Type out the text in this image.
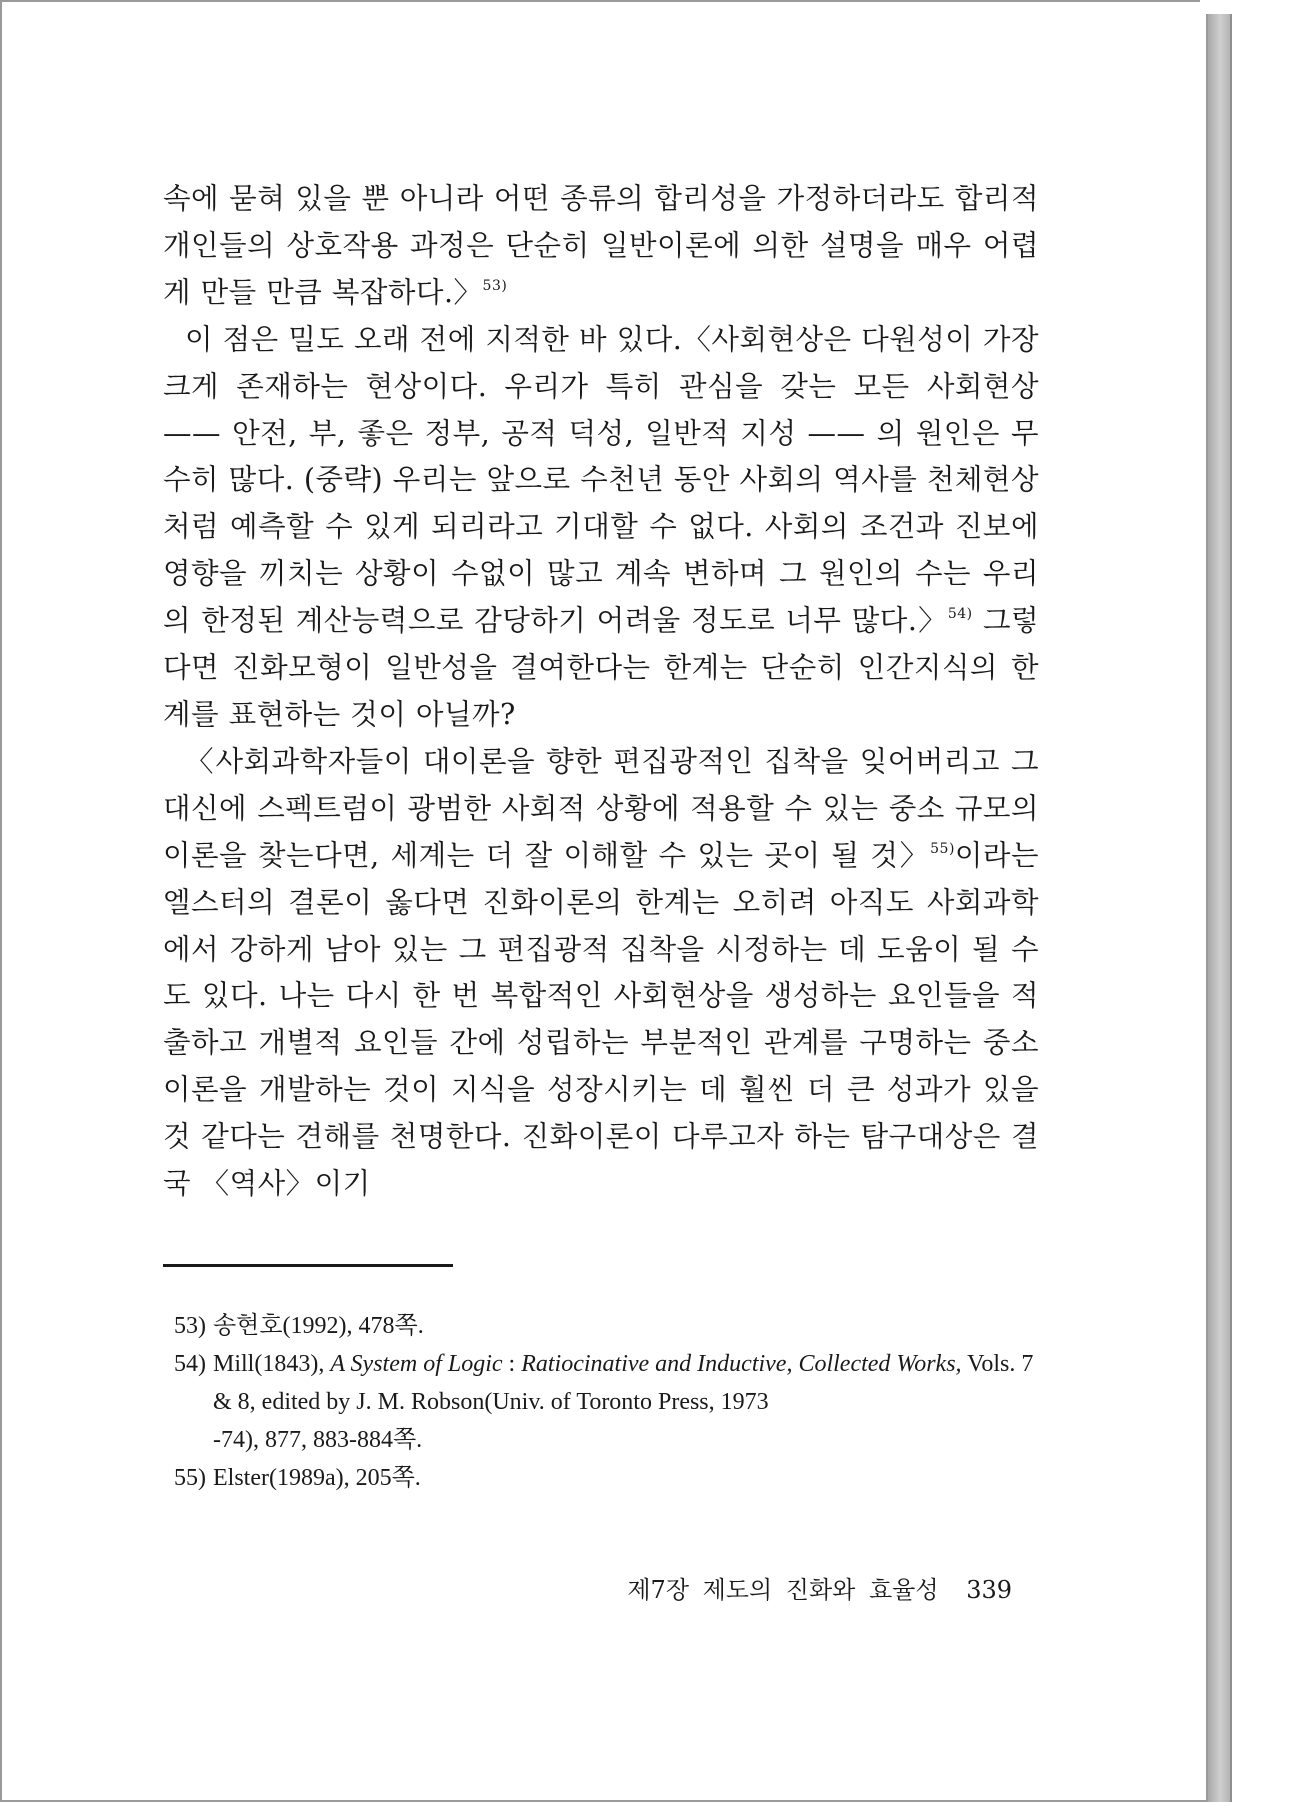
속에 묻혀 있을 뿐 아니라 어떤 종류의 합리성을 가정하더라도 합리적 개인들의 상호작용 과정은 단순히 일반이론에 의한 설명을 매우 어렵게 만들 만큼 복잡하다.〉$^{53)}$

이 점은 밀도 오래 전에 지적한 바 있다.〈사회현상은 다원성이 가장 크게 존재하는 현상이다. 우리가 특히 관심을 갖는 모든 사회현상 —— 안전, 부, 좋은 정부, 공적 덕성, 일반적 지성 —— 의 원인은 무수히 많다. (중략) 우리는 앞으로 수천년 동안 사회의 역사를 천체현상처럼 예측할 수 있게 되리라고 기대할 수 없다. 사회의 조건과 진보에 영향을 끼치는 상황이 수없이 많고 계속 변하며 그 원인의 수는 우리의 한정된 계산능력으로 감당하기 어려울 정도로 너무 많다.〉$^{54)}$ 그렇다면 진화모형이 일반성을 결여한다는 한계는 단순히 인간지식의 한계를 표현하는 것이 아닐까?

〈사회과학자들이 대이론을 향한 편집광적인 집착을 잊어버리고 그 대신에 스펙트럼이 광범한 사회적 상황에 적용할 수 있는 중소 규모의 이론을 찾는다면, 세계는 더 잘 이해할 수 있는 곳이 될 것〉$^{55)}$이라는 엘스터의 결론이 옳다면 진화이론의 한계는 오히려 아직도 사회과학에서 강하게 남아 있는 그 편집광적 집착을 시정하는 데 도움이 될 수도 있다. 나는 다시 한 번 복합적인 사회현상을 생성하는 요인들을 적출하고 개별적 요인들 간에 성립하는 부분적인 관계를 구명하는 중소이론을 개발하는 것이 지식을 성장시키는 데 훨씬 더 큰 성과가 있을 것 같다는 견해를 천명한다. 진화이론이 다루고자 하는 탐구대상은 결국 〈역사〉이기

53) 송현호(1992), 478쪽.
54) Mill(1843), A System of Logic : Ratiocinative and Inductive, Collected Works, Vols. 7 & 8, edited by J. M. Robson(Univ. of Toronto Press, 1973
-74), 877, 883-884쪽.
55) Elster(1989a), 205쪽.
제7장 제도의 진화와 효율성 339
